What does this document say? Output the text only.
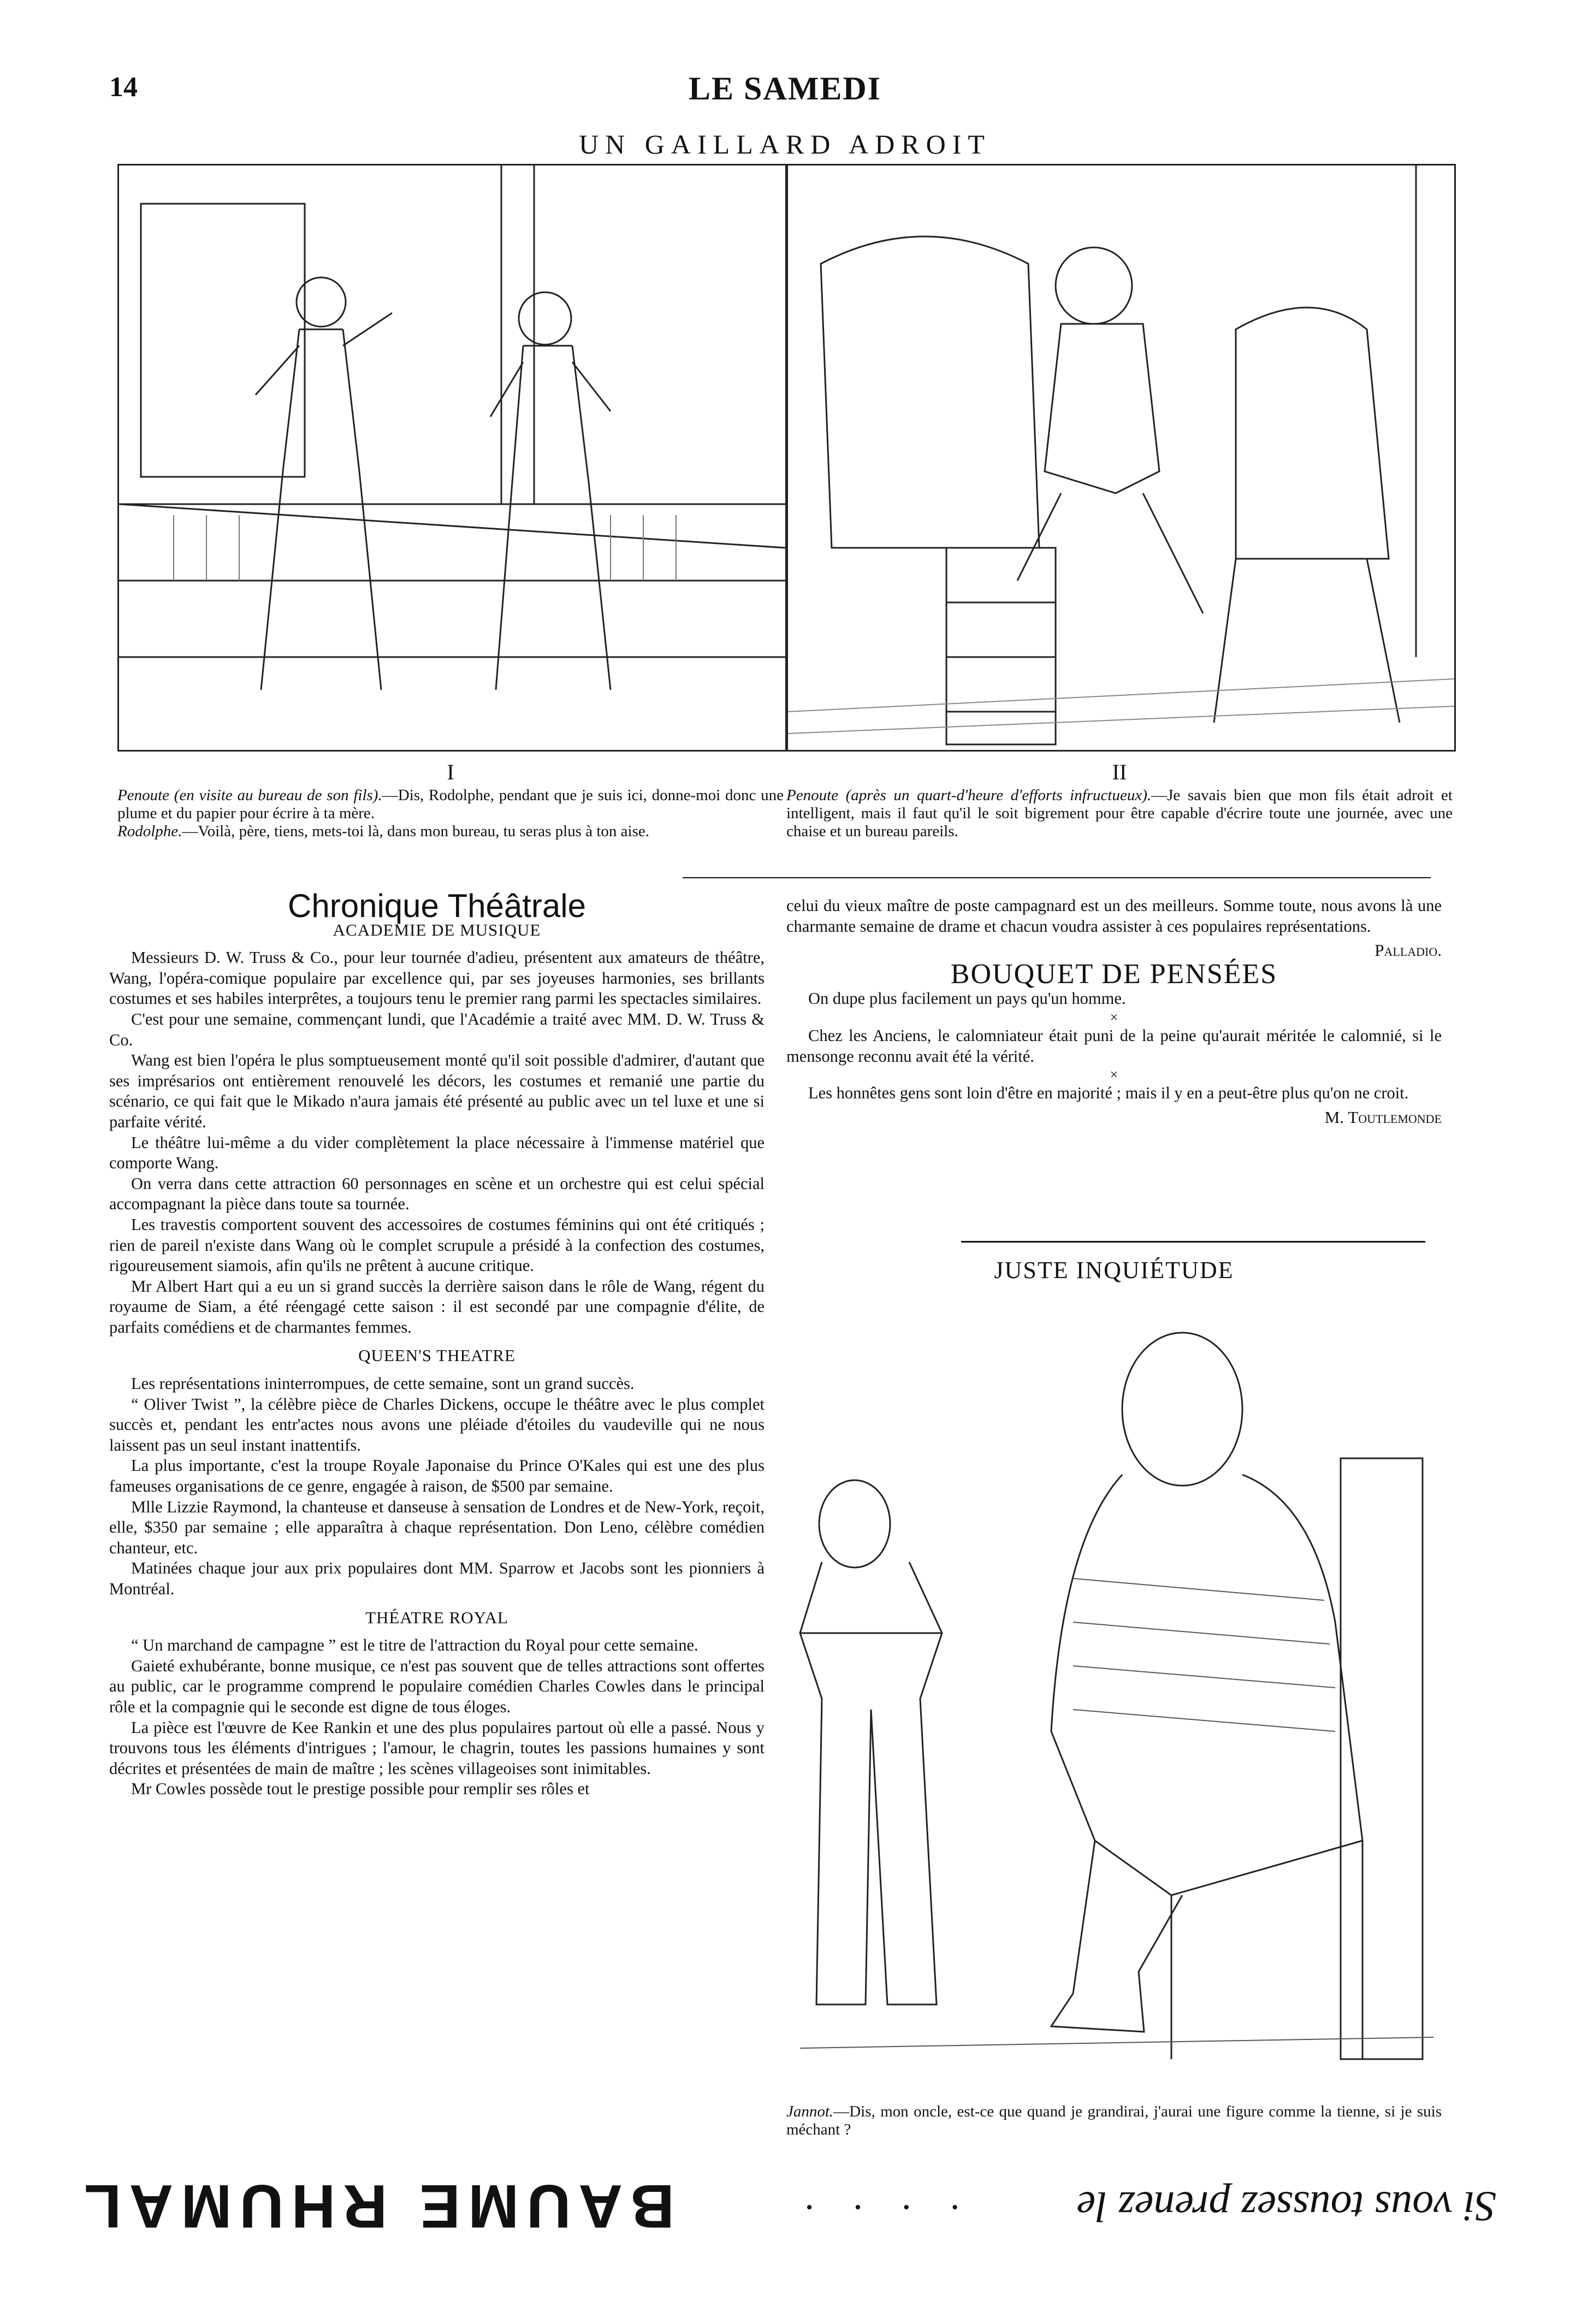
14	LE SAMEDI
UN GAILLARD ADROIT
I
Penoute (en visite au bureau de son fils).—Dis, Rodolphe, pendant que je suis ici, donne-moi donc une plume et du papier pour écrire à ta mère.
Rodolphe.—Voilà, père, tiens, mets-toi là, dans mon bureau, tu seras plus à ton aise.
II
Penoute (après un quart-d'heure d'efforts infructueux).—Je savais bien que mon fils était adroit et intelligent, mais il faut qu'il le soit bigrement pour être capable d'écrire toute une journée, avec une chaise et un bureau pareils.
Chronique Théâtrale
ACADEMIE DE MUSIQUE

Messieurs D. W. Truss & Co., pour leur tournée d'adieu, présentent aux amateurs de théâtre, Wang, l'opéra-comique populaire par excellence qui, par ses joyeuses harmonies, ses brillants costumes et ses habiles interprêtes, a toujours tenu le premier rang parmi les spectacles similaires.

C'est pour une semaine, commençant lundi, que l'Académie a traité avec MM. D. W. Truss & Co.

Wang est bien l'opéra le plus somptueusement monté qu'il soit possible d'admirer, d'autant que ses imprésarios ont entièrement renouvelé les décors, les costumes et remanié une partie du scénario, ce qui fait que le Mikado n'aura jamais été présenté au public avec un tel luxe et une si parfaite vérité.

Le théâtre lui-même a du vider complètement la place nécessaire à l'immense matériel que comporte Wang.

On verra dans cette attraction 60 personnages en scène et un orchestre qui est celui spécial accompagnant la pièce dans toute sa tournée.

Les travestis comportent souvent des accessoires de costumes féminins qui ont été critiqués ; rien de pareil n'existe dans Wang où le complet scrupule a présidé à la confection des costumes, rigoureusement siamois, afin qu'ils ne prêtent à aucune critique.

Mr Albert Hart qui a eu un si grand succès la derrière saison dans le rôle de Wang, régent du royaume de Siam, a été réengagé cette saison : il est secondé par une compagnie d'élite, de parfaits comédiens et de charmantes femmes.

QUEEN'S THEATRE

Les représentations ininterrompues, de cette semaine, sont un grand succès.

“ Oliver Twist ”, la célèbre pièce de Charles Dickens, occupe le théâtre avec le plus complet succès et, pendant les entr'actes nous avons une pléiade d'étoiles du vaudeville qui ne nous laissent pas un seul instant inattentifs.

La plus importante, c'est la troupe Royale Japonaise du Prince O'Kales qui est une des plus fameuses organisations de ce genre, engagée à raison, de $500 par semaine.

Mlle Lizzie Raymond, la chanteuse et danseuse à sensation de Londres et de New-York, reçoit, elle, $350 par semaine ; elle apparaîtra à chaque représentation. Don Leno, célèbre comédien chanteur, etc.

Matinées chaque jour aux prix populaires dont MM. Sparrow et Jacobs sont les pionniers à Montréal.

THÉATRE ROYAL

“ Un marchand de campagne ” est le titre de l'attraction du Royal pour cette semaine.

Gaieté exhubérante, bonne musique, ce n'est pas souvent que de telles attractions sont offertes au public, car le programme comprend le populaire comédien Charles Cowles dans le principal rôle et la compagnie qui le seconde est digne de tous éloges.

La pièce est l'œuvre de Kee Rankin et une des plus populaires partout où elle a passé. Nous y trouvons tous les éléments d'intrigues ; l'amour, le chagrin, toutes les passions humaines y sont décrites et présentées de main de maître ; les scènes villageoises sont inimitables.

Mr Cowles possède tout le prestige possible pour remplir ses rôles et

celui du vieux maître de poste campagnard est un des meilleurs. Somme toute, nous avons là une charmante semaine de drame et chacun voudra assister à ces populaires représentations.

Palladio.
BOUQUET DE PENSÉES

On dupe plus facilement un pays qu'un homme.

×

Chez les Anciens, le calomniateur était puni de la peine qu'aurait méritée le calomnié, si le mensonge reconnu avait été la vérité.

×

Les honnêtes gens sont loin d'être en majorité ; mais il y en a peut-être plus qu'on ne croit.

M. Toutlemonde
JUSTE INQUIÉTUDE
Jannot.—Dis, mon oncle, est-ce que quand je grandirai, j'aurai une figure comme la tienne, si je suis méchant ?
Si vous toussez prenez le
· · · ·
BAUME RHUMAL
